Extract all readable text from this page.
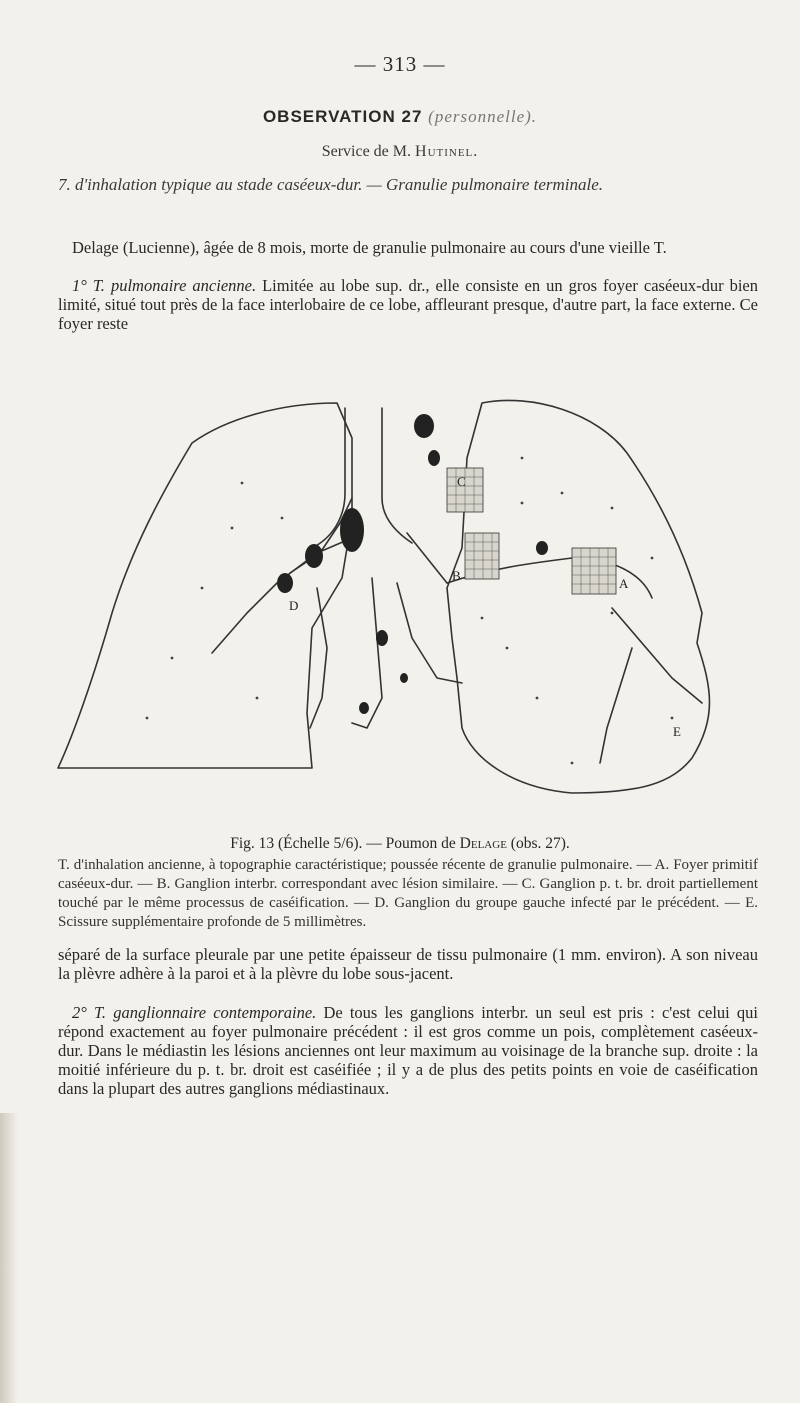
— 313 —
OBSERVATION 27 (personnelle).
Service de M. Hutinel.
7. d'inhalation typique au stade caséeux-dur. — Granulie pulmonaire terminale.

Delage (Lucienne), âgée de 8 mois, morte de granulie pulmonaire au cours d'une vieille T.

1° T. pulmonaire ancienne. Limitée au lobe sup. dr., elle consiste en un gros foyer caséeux-dur bien limité, situé tout près de la face interlobaire de ce lobe, affleurant presque, d'autre part, la face externe. Ce foyer reste

A
B
C
D
E
Fig. 13 (Échelle 5/6). — Poumon de Delage (obs. 27).
T. d'inhalation ancienne, à topographie caractéristique; poussée récente de granulie pulmonaire. — A. Foyer primitif caséeux-dur. — B. Ganglion interbr. correspondant avec lésion similaire. — C. Ganglion p. t. br. droit partiellement touché par le même processus de caséification. — D. Ganglion du groupe gauche infecté par le précédent. — E. Scissure supplémentaire profonde de 5 millimètres.

séparé de la surface pleurale par une petite épaisseur de tissu pulmonaire (1 mm. environ). A son niveau la plèvre adhère à la paroi et à la plèvre du lobe sous-jacent.

2° T. ganglionnaire contemporaine. De tous les ganglions interbr. un seul est pris : c'est celui qui répond exactement au foyer pulmonaire précédent : il est gros comme un pois, complètement caséeux-dur. Dans le médiastin les lésions anciennes ont leur maximum au voisinage de la branche sup. droite : la moitié inférieure du p. t. br. droit est caséifiée ; il y a de plus des petits points en voie de caséification dans la plupart des autres ganglions médiastinaux.
